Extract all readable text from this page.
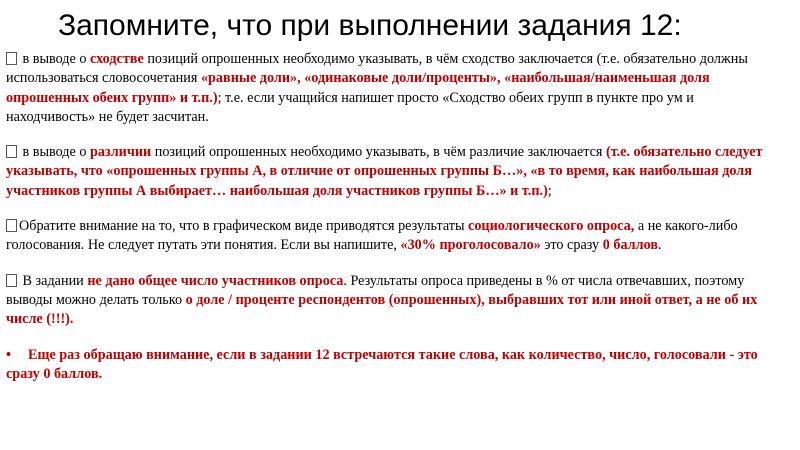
Запомните, что при выполнении задания 12:

в выводе о сходстве позиций опрошенных необходимо указывать, в чём сходство заключается (т.е. обязательно должны использоваться словосочетания «равные доли», «одинаковые доли/проценты», «наибольшая/наименьшая доля опрошенных обеих групп» и т.п.); т.е. если учащийся напишет просто «Сходство обеих групп в пункте про ум и находчивость» не будет засчитан.

в выводе о различии позиций опрошенных необходимо указывать, в чём различие заключается (т.е. обязательно следует указывать, что «опрошенных группы А, в отличие от опрошенных группы Б…», «в то время, как наибольшая доля участников группы А выбирает… наибольшая доля участников группы Б…» и т.п.);

Обратите внимание на то, что в графическом виде приводятся результаты социологического опроса, а не какого-либо голосования. Не следует путать эти понятия. Если вы напишите, «30% проголосовало» это сразу 0 баллов.

В задании не дано общее число участников опроса. Результаты опроса приведены в % от числа отвечавших, поэтому выводы можно делать только о доле / проценте респондентов (опрошенных), выбравших тот или иной ответ, а не об их числе (!!!).

• Еще раз обращаю внимание, если в задании 12 встречаются такие слова, как количество, число, голосовали - это сразу 0 баллов.
